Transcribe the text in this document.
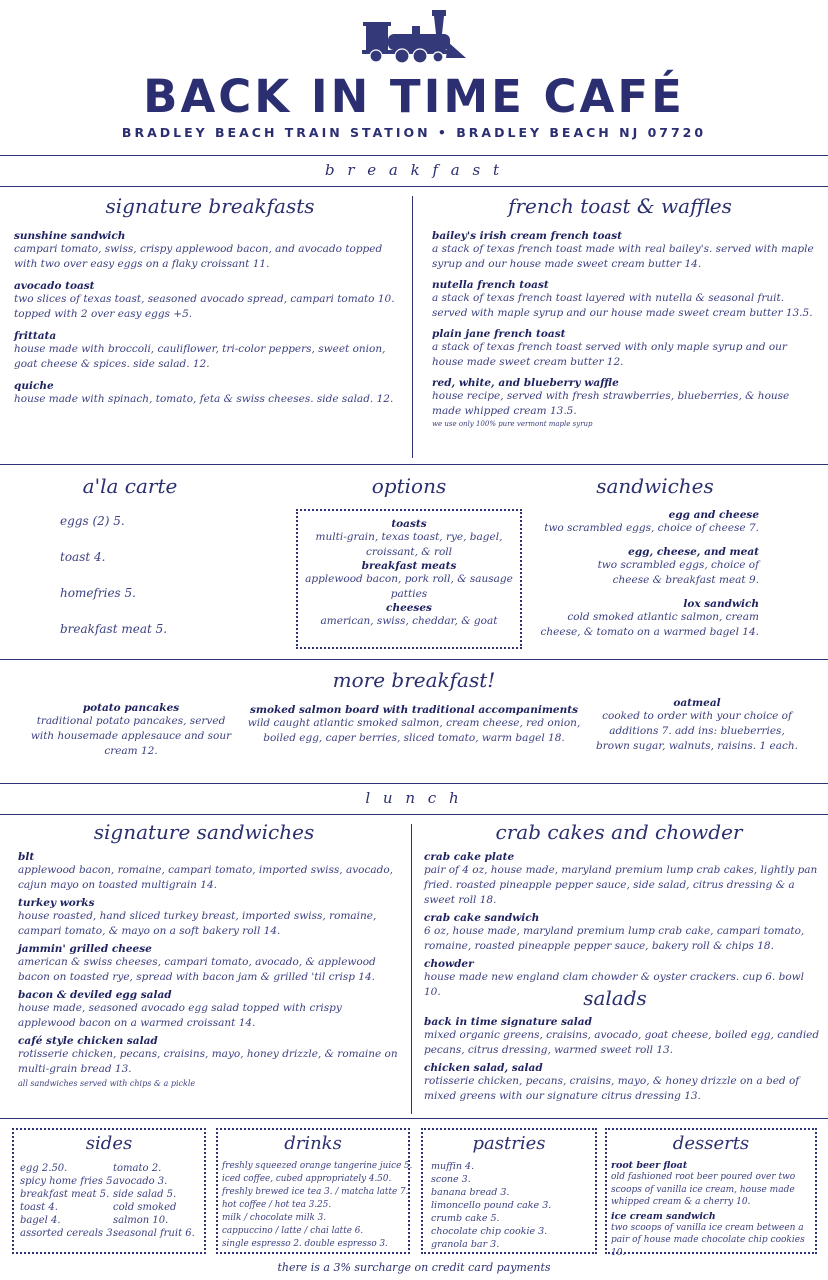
BACK IN TIME CAFÉ
BRADLEY BEACH TRAIN STATION • BRADLEY BEACH NJ 07720
b r e a k f a s t
signature breakfasts
sunshine sandwich
campari tomato, swiss, crispy applewood bacon, and avocado topped with two over easy eggs on a flaky croissant 11.
avocado toast
two slices of texas toast, seasoned avocado spread, campari tomato 10. topped with 2 over easy eggs +5.
frittata
house made with broccoli, cauliflower, tri-color peppers, sweet onion, goat cheese & spices. side salad. 12.
quiche
house made with spinach, tomato, feta & swiss cheeses. side salad. 12.
french toast & waffles
bailey's irish cream french toast
a stack of texas french toast made with real bailey's. served with maple syrup and our house made sweet cream butter 14.
nutella french toast
a stack of texas french toast layered with nutella & seasonal fruit. served with maple syrup and our house made sweet cream butter 13.5.
plain jane french toast
a stack of texas french toast served with only maple syrup and our house made sweet cream butter 12.
red, white, and blueberry waffle
house recipe, served with fresh strawberries, blueberries, & house made whipped cream 13.5.
we use only 100% pure vermont maple syrup
a'la carte
eggs (2) 5.
toast 4.
homefries 5.
breakfast meat 5.
options
toasts
multi-grain, texas toast, rye, bagel, croissant, & roll
breakfast meats
applewood bacon, pork roll, & sausage patties
cheeses
american, swiss, cheddar, & goat
sandwiches
egg and cheese
two scrambled eggs, choice of cheese 7.
egg, cheese, and meat
two scrambled eggs, choice of cheese & breakfast meat 9.
lox sandwich
cold smoked atlantic salmon, cream cheese, & tomato on a warmed bagel 14.
more breakfast!
potato pancakes
traditional potato pancakes, served with housemade applesauce and sour cream 12.
smoked salmon board with traditional accompaniments
wild caught atlantic smoked salmon, cream cheese, red onion, boiled egg, caper berries, sliced tomato, warm bagel 18.
oatmeal
cooked to order with your choice of additions 7. add ins: blueberries, brown sugar, walnuts, raisins. 1 each.
l u n c h
signature sandwiches
blt
applewood bacon, romaine, campari tomato, imported swiss, avocado, cajun mayo on toasted multigrain 14.
turkey works
house roasted, hand sliced turkey breast, imported swiss, romaine, campari tomato, & mayo on a soft bakery roll 14.
jammin' grilled cheese
american & swiss cheeses, campari tomato, avocado, & applewood bacon on toasted rye, spread with bacon jam & grilled 'til crisp 14.
bacon & deviled egg salad
house made, seasoned avocado egg salad topped with crispy applewood bacon on a warmed croissant 14.
café style chicken salad
rotisserie chicken, pecans, craisins, mayo, honey drizzle, & romaine on multi-grain bread 13.
all sandwiches served with chips & a pickle
crab cakes and chowder
crab cake plate
pair of 4 oz, house made, maryland premium lump crab cakes, lightly pan fried. roasted pineapple pepper sauce, side salad, citrus dressing & a sweet roll 18.
crab cake sandwich
6 oz, house made, maryland premium lump crab cake, campari tomato, romaine, roasted pineapple pepper sauce, bakery roll & chips 18.
chowder
house made new england clam chowder & oyster crackers. cup 6. bowl 10.	salads
back in time signature salad
mixed organic greens, craisins, avocado, goat cheese, boiled egg, candied pecans, citrus dressing, warmed sweet roll 13.
chicken salad, salad
rotisserie chicken, pecans, craisins, mayo, & honey drizzle on a bed of mixed greens with our signature citrus dressing 13.
sides
egg 2.50.
spicy home fries 5.
breakfast meat 5.
toast 4.
bagel 4.
assorted cereals 3.
tomato 2.
avocado 3.
side salad 5.
cold smoked
salmon 10.
seasonal fruit 6.
drinks
freshly squeezed orange tangerine juice 5.
iced coffee, cubed appropriately 4.50.
freshly brewed ice tea 3. / matcha latte 7.
hot coffee / hot tea 3.25.
milk / chocolate milk 3.
cappuccino / latte / chai latte 6.
single espresso 2. double espresso 3.
pastries
muffin 4.
scone 3.
banana bread 3.
limoncello pound cake 3.
crumb cake 5.
chocolate chip cookie 3.
granola bar 3.
desserts
root beer float
old fashioned root beer poured over two scoops of vanilla ice cream, house made whipped cream & a cherry 10.
ice cream sandwich
two scoops of vanilla ice cream between a pair of house made chocolate chip cookies 10.
there is a 3% surcharge on credit card payments
